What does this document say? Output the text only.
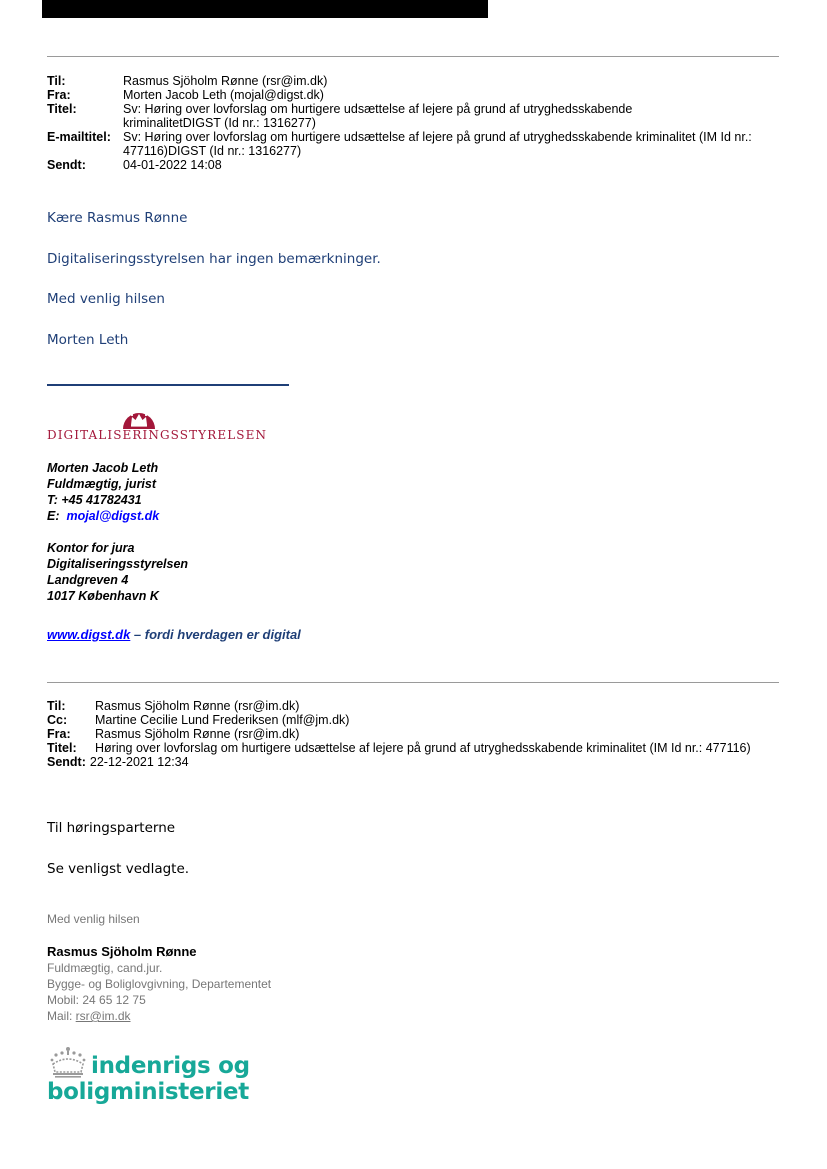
Til:	Rasmus Sjöholm Rønne (rsr@im.dk)
Fra:	Morten Jacob Leth (mojal@digst.dk)
Titel:	Sv: Høring over lovforslag om hurtigere udsættelse af lejere på grund af utryghedsskabende kriminalitetDIGST (Id nr.: 1316277)
E-mailtitel: Sv: Høring over lovforslag om hurtigere udsættelse af lejere på grund af utryghedsskabende kriminalitet (IM Id nr.: 477116)DIGST (Id nr.: 1316277)
Sendt:	04-01-2022 14:08

Kære Rasmus Rønne

Digitaliseringsstyrelsen har ingen bemærkninger.

Med venlig hilsen

Morten Leth

DIGITALISERINGSSTYRELSEN
Morten Jacob Leth
Fuldmægtig, jurist
T: +45 41782431
E: mojal@digst.dk
Kontor for jura
Digitaliseringsstyrelsen
Landgreven 4
1017 København K
www.digst.dk – fordi hverdagen er digital
Til:	Rasmus Sjöholm Rønne (rsr@im.dk)
Cc:	Martine Cecilie Lund Frederiksen (mlf@jm.dk)
Fra:	Rasmus Sjöholm Rønne (rsr@im.dk)
Titel:	Høring over lovforslag om hurtigere udsættelse af lejere på grund af utryghedsskabende kriminalitet (IM Id nr.: 477116)
Sendt: 22-12-2021 12:34

Til høringsparterne

Se venligst vedlagte.

Med venlig hilsen
Rasmus Sjöholm Rønne
Fuldmægtig, cand.jur.
Bygge- og Boliglovgivning, Departementet
Mobil: 24 65 12 75
Mail: rsr@im.dk
indenrigs og
boligministeriet
